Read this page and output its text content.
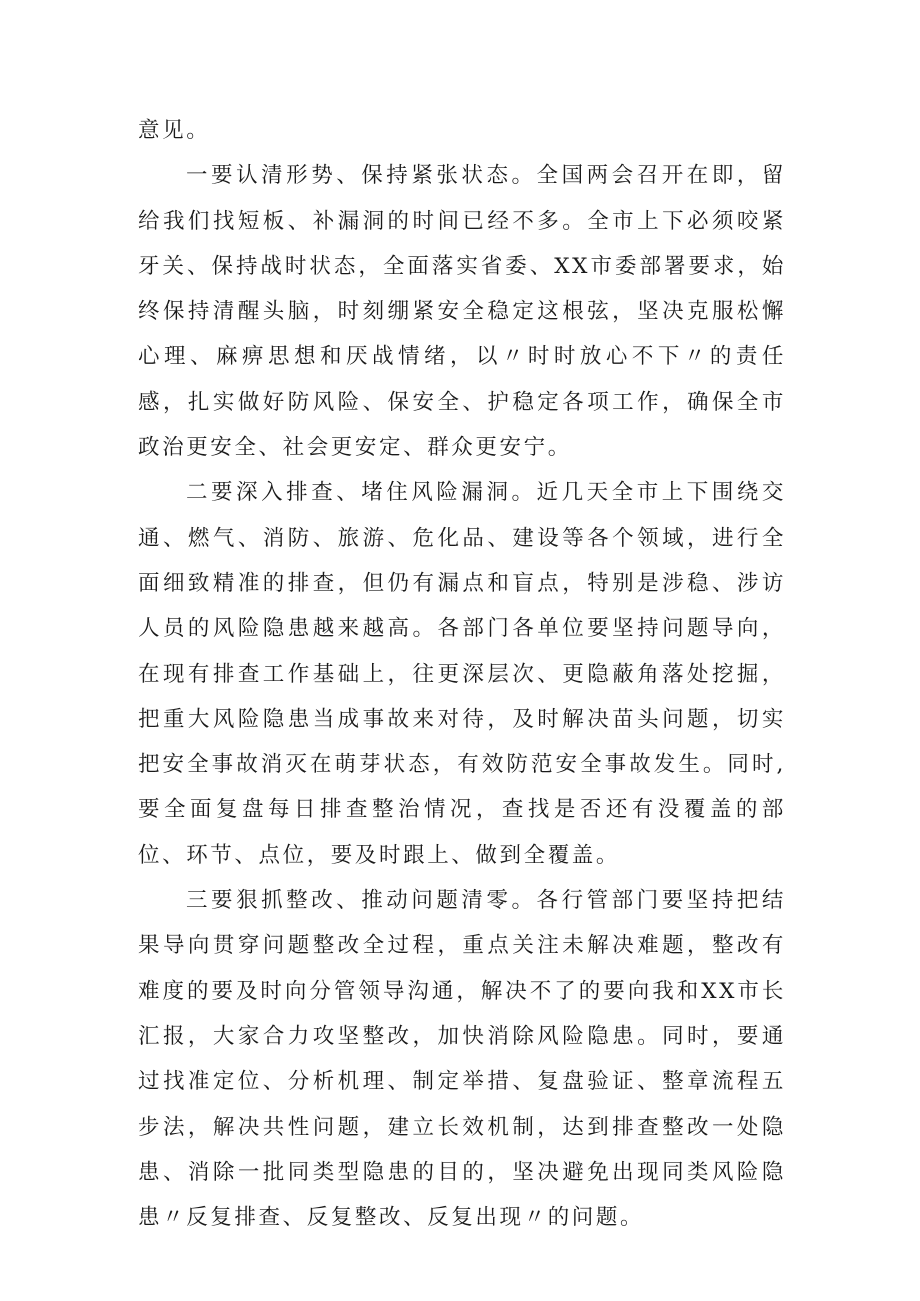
意见。

一要认清形势、保持紧张状态。全国两会召开在即，留给我们找短板、补漏洞的时间已经不多。全市上下必须咬紧牙关、保持战时状态，全面落实省委、XX市委部署要求，始终保持清醒头脑，时刻绷紧安全稳定这根弦，坚决克服松懈心理、麻痹思想和厌战情绪，以〃时时放心不下〃的责任感，扎实做好防风险、保安全、护稳定各项工作，确保全市政治更安全、社会更安定、群众更安宁。

二要深入排查、堵住风险漏洞。近几天全市上下围绕交通、燃气、消防、旅游、危化品、建设等各个领域，进行全面细致精准的排查，但仍有漏点和盲点，特别是涉稳、涉访人员的风险隐患越来越高。各部门各单位要坚持问题导向，在现有排查工作基础上，往更深层次、更隐蔽角落处挖掘，把重大风险隐患当成事故来对待，及时解决苗头问题，切实把安全事故消灭在萌芽状态，有效防范安全事故发生。同时,要全面复盘每日排查整治情况，查找是否还有没覆盖的部位、环节、点位，要及时跟上、做到全覆盖。

三要狠抓整改、推动问题清零。各行管部门要坚持把结果导向贯穿问题整改全过程，重点关注未解决难题，整改有难度的要及时向分管领导沟通，解决不了的要向我和XX市长汇报，大家合力攻坚整改，加快消除风险隐患。同时，要通过找准定位、分析机理、制定举措、复盘验证、整章流程五步法，解决共性问题，建立长效机制，达到排查整改一处隐患、消除一批同类型隐患的目的，坚决避免出现同类风险隐患〃反复排查、反复整改、反复出现〃的问题。
